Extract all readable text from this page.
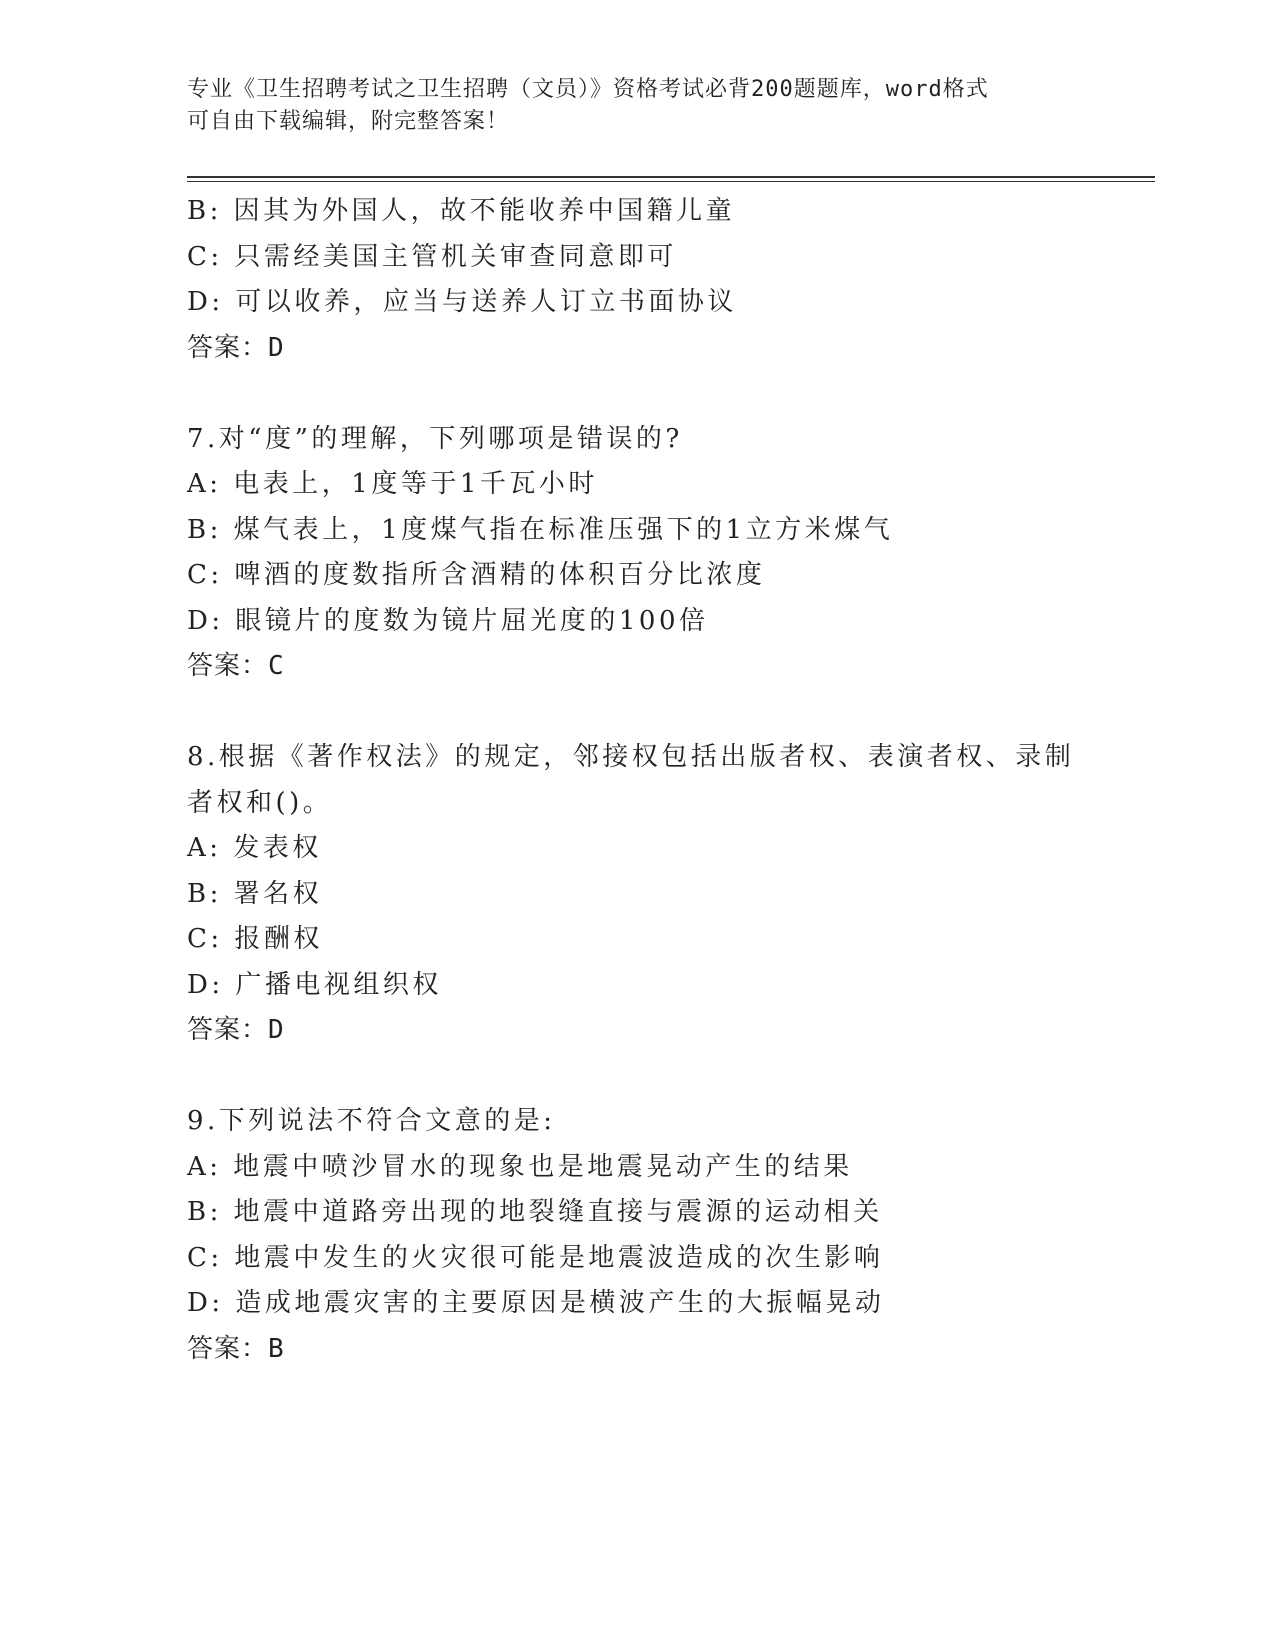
专业《卫生招聘考试之卫生招聘（文员）》资格考试必背200题题库，word格式
可自由下载编辑，附完整答案！
B: 因其为外国人，故不能收养中国籍儿童
C: 只需经美国主管机关审查同意即可
D: 可以收养，应当与送养人订立书面协议
答案：D
7.对“度”的理解，下列哪项是错误的?
A: 电表上，1度等于1千瓦小时
B: 煤气表上，1度煤气指在标准压强下的1立方米煤气
C: 啤酒的度数指所含酒精的体积百分比浓度
D: 眼镜片的度数为镜片屈光度的100倍
答案：C
8.根据《著作权法》的规定，邻接权包括出版者权、表演者权、录制
者权和()。
A: 发表权
B: 署名权
C: 报酬权
D: 广播电视组织权
答案：D
9.下列说法不符合文意的是:
A: 地震中喷沙冒水的现象也是地震晃动产生的结果
B: 地震中道路旁出现的地裂缝直接与震源的运动相关
C: 地震中发生的火灾很可能是地震波造成的次生影响
D: 造成地震灾害的主要原因是横波产生的大振幅晃动
答案：B
